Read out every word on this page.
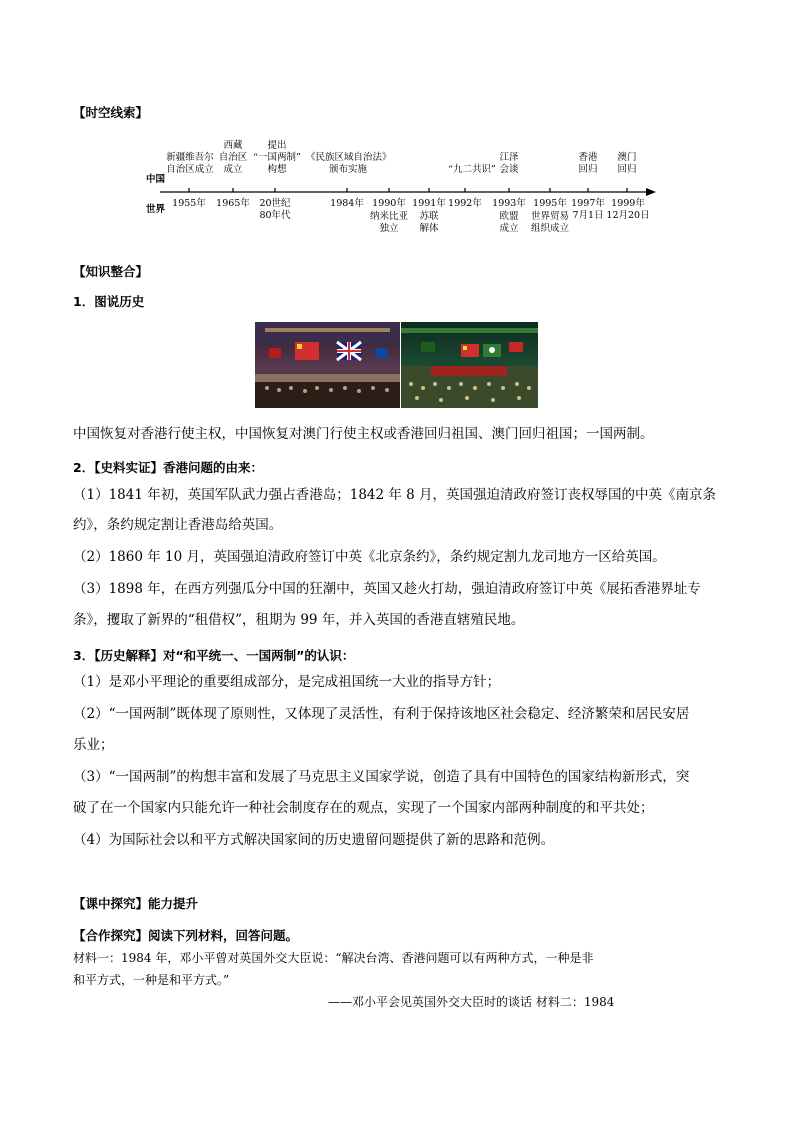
【时空线索】
中国
世界
新疆维吾尔
自治区成立
西藏
自治区
成立
提出
“一国两制”
构想
《民族区域自治法》
颁布实施	“九二共识”
江泽
会谈
香港
回归
澳门
回归
1955年	1965年	20世纪
80年代
1984年 1990年 1991年 1992年	1993年 1995年 1997年
7月1日
1999年
12月20日
纳米比亚
独立
苏联
解体
欧盟
成立
世界贸易
组织成立
【知识整合】
1．图说历史
中国恢复对香港行使主权，中国恢复对澳门行使主权或香港回归祖国、澳门回归祖国；一国两制。
2．【史料实证】香港问题的由来：
（1）1841 年初，英国军队武力强占香港岛；1842 年 8 月，英国强迫清政府签订丧权辱国的中英《南京条
约》，条约规定割让香港岛给英国。
（2）1860 年 10 月，英国强迫清政府签订中英《北京条约》，条约规定割九龙司地方一区给英国。
（3）1898 年，在西方列强瓜分中国的狂潮中，英国又趁火打劫，强迫清政府签订中英《展拓香港界址专
条》，攫取了新界的“租借权”，租期为 99 年，并入英国的香港直辖殖民地。
3．【历史解释】对“和平统一、一国两制”的认识：
（1）是邓小平理论的重要组成部分，是完成祖国统一大业的指导方针；
（2）“一国两制”既体现了原则性，又体现了灵活性，有利于保持该地区社会稳定、经济繁荣和居民安居
乐业；
（3）“一国两制”的构想丰富和发展了马克思主义国家学说，创造了具有中国特色的国家结构新形式，突
破了在一个国家内只能允许一种社会制度存在的观点，实现了一个国家内部两种制度的和平共处；
（4）为国际社会以和平方式解决国家间的历史遗留问题提供了新的思路和范例。
【课中探究】能力提升
【合作探究】阅读下列材料，回答问题。
材料一：1984 年，邓小平曾对英国外交大臣说：“解决台湾、香港问题可以有两种方式，一种是非
和平方式，一种是和平方式。”
——邓小平会见英国外交大臣时的谈话 材料二：1984
